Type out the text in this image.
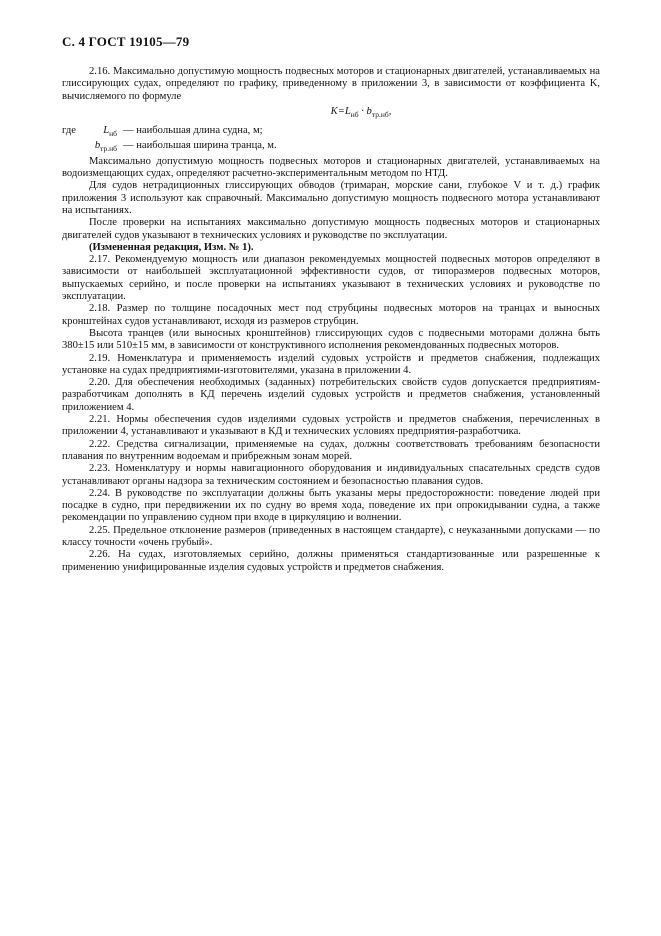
С. 4 ГОСТ 19105—79

2.16. Максимально допустимую мощность подвесных моторов и стационарных двигателей, устанавливаемых на глиссирующих судах, определяют по графику, приведенному в приложении 3, в зависимости от коэффициента K, вычисляемого по формуле

$K=L_{нб} \cdot b_{тр.нб}$,
где	$L_{нб}$ — наибольшая длина судна, м;
$b_{тр.нб}$ — наибольшая ширина транца, м.

Максимально допустимую мощность подвесных моторов и стационарных двигателей, устанавливаемых на водоизмещающих судах, определяют расчетно-экспериментальным методом по НТД.

Для судов нетрадиционных глиссирующих обводов (тримаран, морские сани, глубокое V и т. д.) график приложения 3 используют как справочный. Максимально допустимую мощность подвесного мотора устанавливают на испытаниях.

После проверки на испытаниях максимально допустимую мощность подвесных моторов и стационарных двигателей судов указывают в технических условиях и руководстве по эксплуатации.

(Измененная редакция, Изм. № 1).

2.17. Рекомендуемую мощность или диапазон рекомендуемых мощностей подвесных моторов определяют в зависимости от наибольшей эксплуатационной эффективности судов, от типоразмеров подвесных моторов, выпускаемых серийно, и после проверки на испытаниях указывают в технических условиях и руководстве по эксплуатации.

2.18. Размер по толщине посадочных мест под струбцины подвесных моторов на транцах и выносных кронштейнах судов устанавливают, исходя из размеров струбцин.

Высота транцев (или выносных кронштейнов) глиссирующих судов с подвесными моторами должна быть 380±15 или 510±15 мм, в зависимости от конструктивного исполнения рекомендованных подвесных моторов.

2.19. Номенклатура и применяемость изделий судовых устройств и предметов снабжения, подлежащих установке на судах предприятиями-изготовителями, указана в приложении 4.

2.20. Для обеспечения необходимых (заданных) потребительских свойств судов допускается предприятиям-разработчикам дополнять в КД перечень изделий судовых устройств и предметов снабжения, установленный приложением 4.

2.21. Нормы обеспечения судов изделиями судовых устройств и предметов снабжения, перечисленных в приложении 4, устанавливают и указывают в КД и технических условиях предприятия-разработчика.

2.22. Средства сигнализации, применяемые на судах, должны соответствовать требованиям безопасности плавания по внутренним водоемам и прибрежным зонам морей.

2.23. Номенклатуру и нормы навигационного оборудования и индивидуальных спасательных средств судов устанавливают органы надзора за техническим состоянием и безопасностью плавания судов.

2.24. В руководстве по эксплуатации должны быть указаны меры предосторожности: поведение людей при посадке в судно, при передвижении их по судну во время хода, поведение их при опрокидывании судна, а также рекомендации по управлению судном при входе в циркуляцию и волнении.

2.25. Предельное отклонение размеров (приведенных в настоящем стандарте), с неуказанными допусками — по классу точности «очень грубый».

2.26. На судах, изготовляемых серийно, должны применяться стандартизованные или разрешенные к применению унифицированные изделия судовых устройств и предметов снабжения.
